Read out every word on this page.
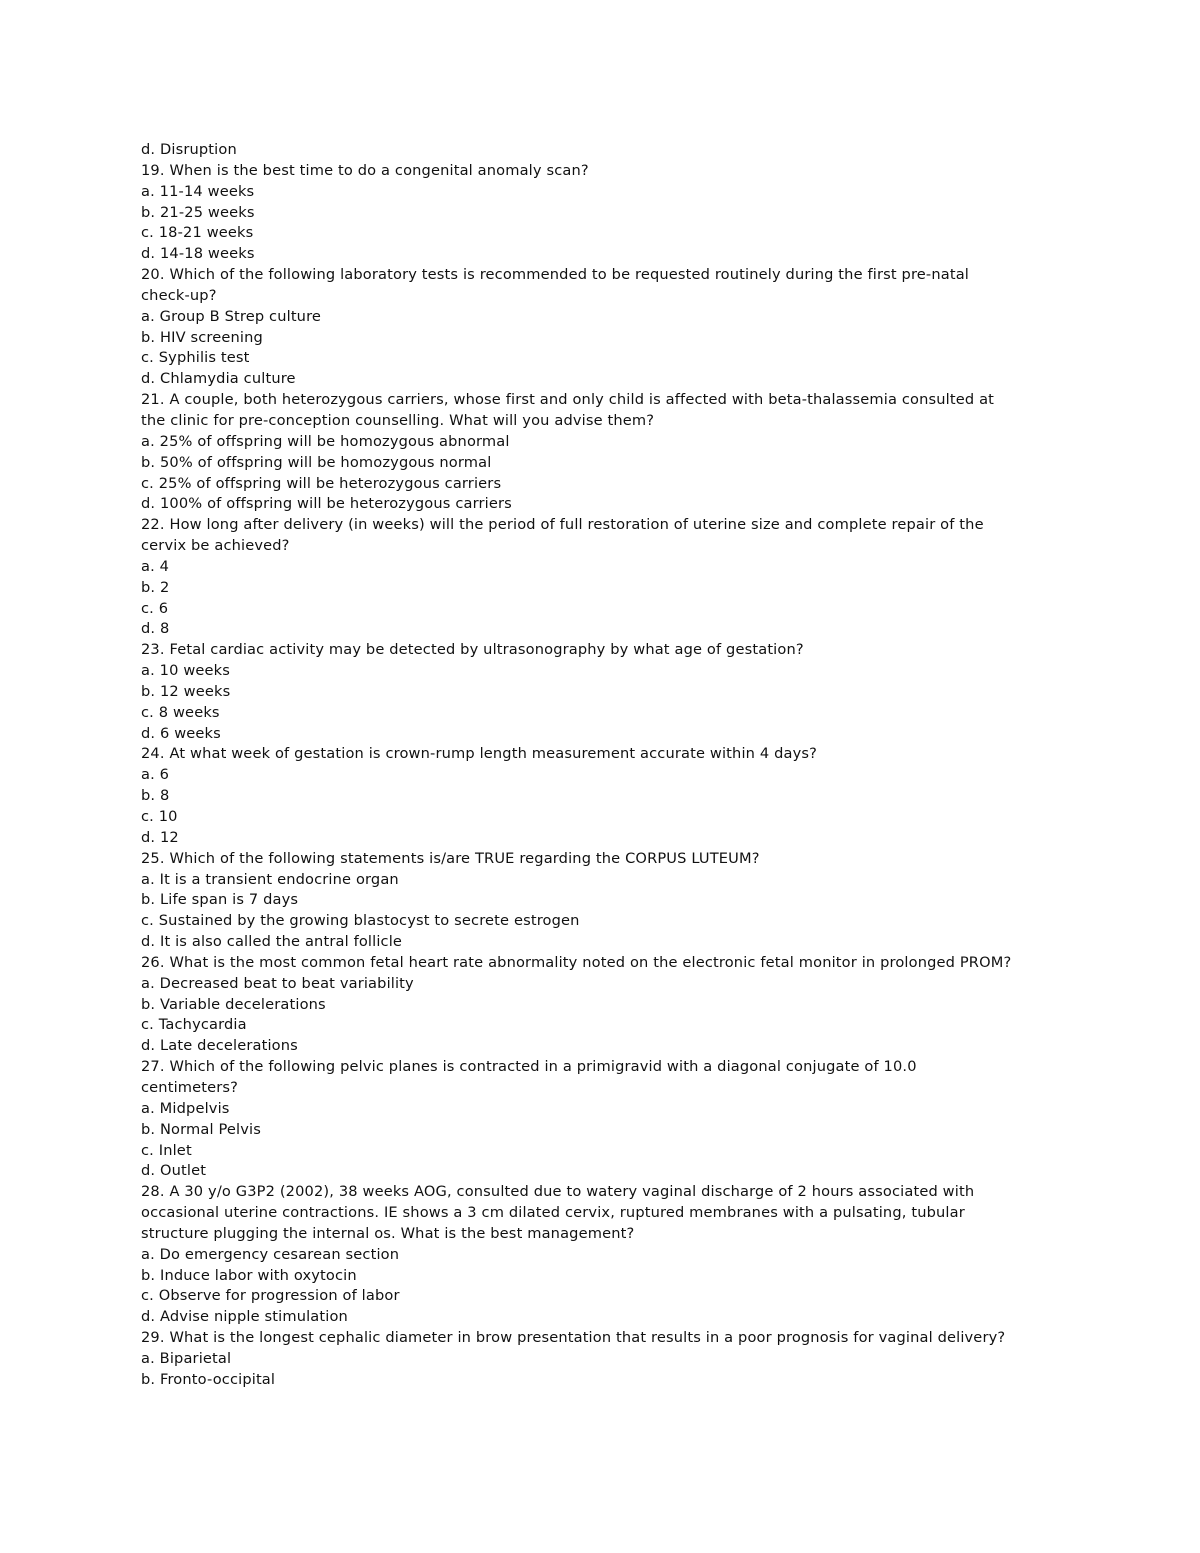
d. Disruption
19. When is the best time to do a congenital anomaly scan?
a. 11-14 weeks
b. 21-25 weeks
c. 18-21 weeks
d. 14-18 weeks
20. Which of the following laboratory tests is recommended to be requested routinely during the first pre-natal
check-up?
a. Group B Strep culture
b. HIV screening
c. Syphilis test
d. Chlamydia culture
21. A couple, both heterozygous carriers, whose first and only child is affected with beta-thalassemia consulted at
the clinic for pre-conception counselling. What will you advise them?
a. 25% of offspring will be homozygous abnormal
b. 50% of offspring will be homozygous normal
c. 25% of offspring will be heterozygous carriers
d. 100% of offspring will be heterozygous carriers
22. How long after delivery (in weeks) will the period of full restoration of uterine size and complete repair of the
cervix be achieved?
a. 4
b. 2
c. 6
d. 8
23. Fetal cardiac activity may be detected by ultrasonography by what age of gestation?
a. 10 weeks
b. 12 weeks
c. 8 weeks
d. 6 weeks
24. At what week of gestation is crown-rump length measurement accurate within 4 days?
a. 6
b. 8
c. 10
d. 12
25. Which of the following statements is/are TRUE regarding the CORPUS LUTEUM?
a. It is a transient endocrine organ
b. Life span is 7 days
c. Sustained by the growing blastocyst to secrete estrogen
d. It is also called the antral follicle
26. What is the most common fetal heart rate abnormality noted on the electronic fetal monitor in prolonged PROM?
a. Decreased beat to beat variability
b. Variable decelerations
c. Tachycardia
d. Late decelerations
27. Which of the following pelvic planes is contracted in a primigravid with a diagonal conjugate of 10.0
centimeters?
a. Midpelvis
b. Normal Pelvis
c. Inlet
d. Outlet
28. A 30 y/o G3P2 (2002), 38 weeks AOG, consulted due to watery vaginal discharge of 2 hours associated with
occasional uterine contractions. IE shows a 3 cm dilated cervix, ruptured membranes with a pulsating, tubular
structure plugging the internal os. What is the best management?
a. Do emergency cesarean section
b. Induce labor with oxytocin
c. Observe for progression of labor
d. Advise nipple stimulation
29. What is the longest cephalic diameter in brow presentation that results in a poor prognosis for vaginal delivery?
a. Biparietal
b. Fronto-occipital
